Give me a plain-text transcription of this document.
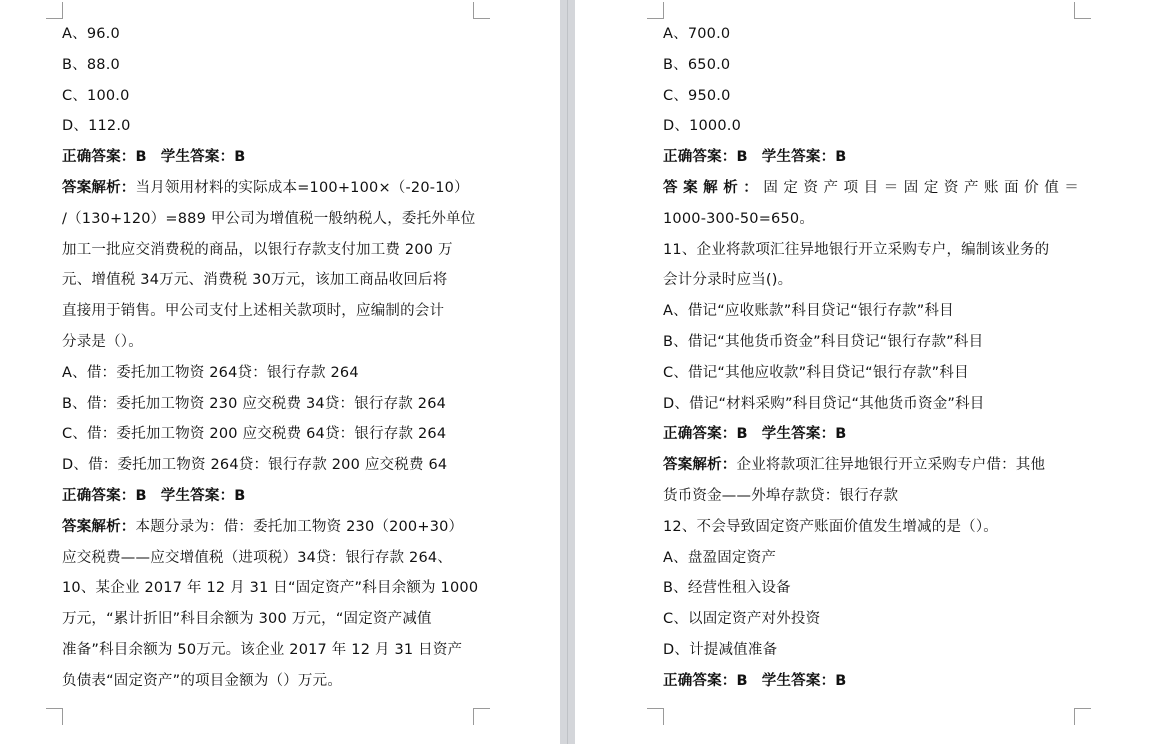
A、96.0
B、88.0
C、100.0
D、112.0
正确答案：B 学生答案：B
答案解析：当月领用材料的实际成本=100+100×（-20-10）
/（130+120）=889 甲公司为增值税一般纳税人，委托外单位
加工一批应交消费税的商品，以银行存款支付加工费 200 万
元、增值税 34万元、消费税 30万元，该加工商品收回后将
直接用于销售。甲公司支付上述相关款项时，应编制的会计
分录是（）。
A、借：委托加工物资 264贷：银行存款 264
B、借：委托加工物资 230 应交税费 34贷：银行存款 264
C、借：委托加工物资 200 应交税费 64贷：银行存款 264
D、借：委托加工物资 264贷：银行存款 200 应交税费 64
正确答案：B 学生答案：B
答案解析：本题分录为：借：委托加工物资 230（200+30）
应交税费——应交增值税（进项税）34贷：银行存款 264、
10、某企业 2017 年 12 月 31 日“固定资产”科目余额为 1000
万元，“累计折旧”科目余额为 300 万元，“固定资产减值
准备”科目余额为 50万元。该企业 2017 年 12 月 31 日资产
负债表“固定资产”的项目金额为（）万元。
A、700.0
B、650.0
C、950.0
D、1000.0
正确答案：B 学生答案：B
答案解析：固定资产项目＝固定资产账面价值＝
1000-300-50=650。
11、企业将款项汇往异地银行开立采购专户，编制该业务的
会计分录时应当()。
A、借记“应收账款”科目贷记“银行存款”科目
B、借记“其他货币资金”科目贷记“银行存款”科目
C、借记“其他应收款”科目贷记“银行存款”科目
D、借记“材料采购”科目贷记“其他货币资金”科目
正确答案：B 学生答案：B
答案解析：企业将款项汇往异地银行开立采购专户借：其他
货币资金——外埠存款贷：银行存款
12、不会导致固定资产账面价值发生增减的是（）。
A、盘盈固定资产
B、经营性租入设备
C、以固定资产对外投资
D、计提减值准备
正确答案：B 学生答案：B
